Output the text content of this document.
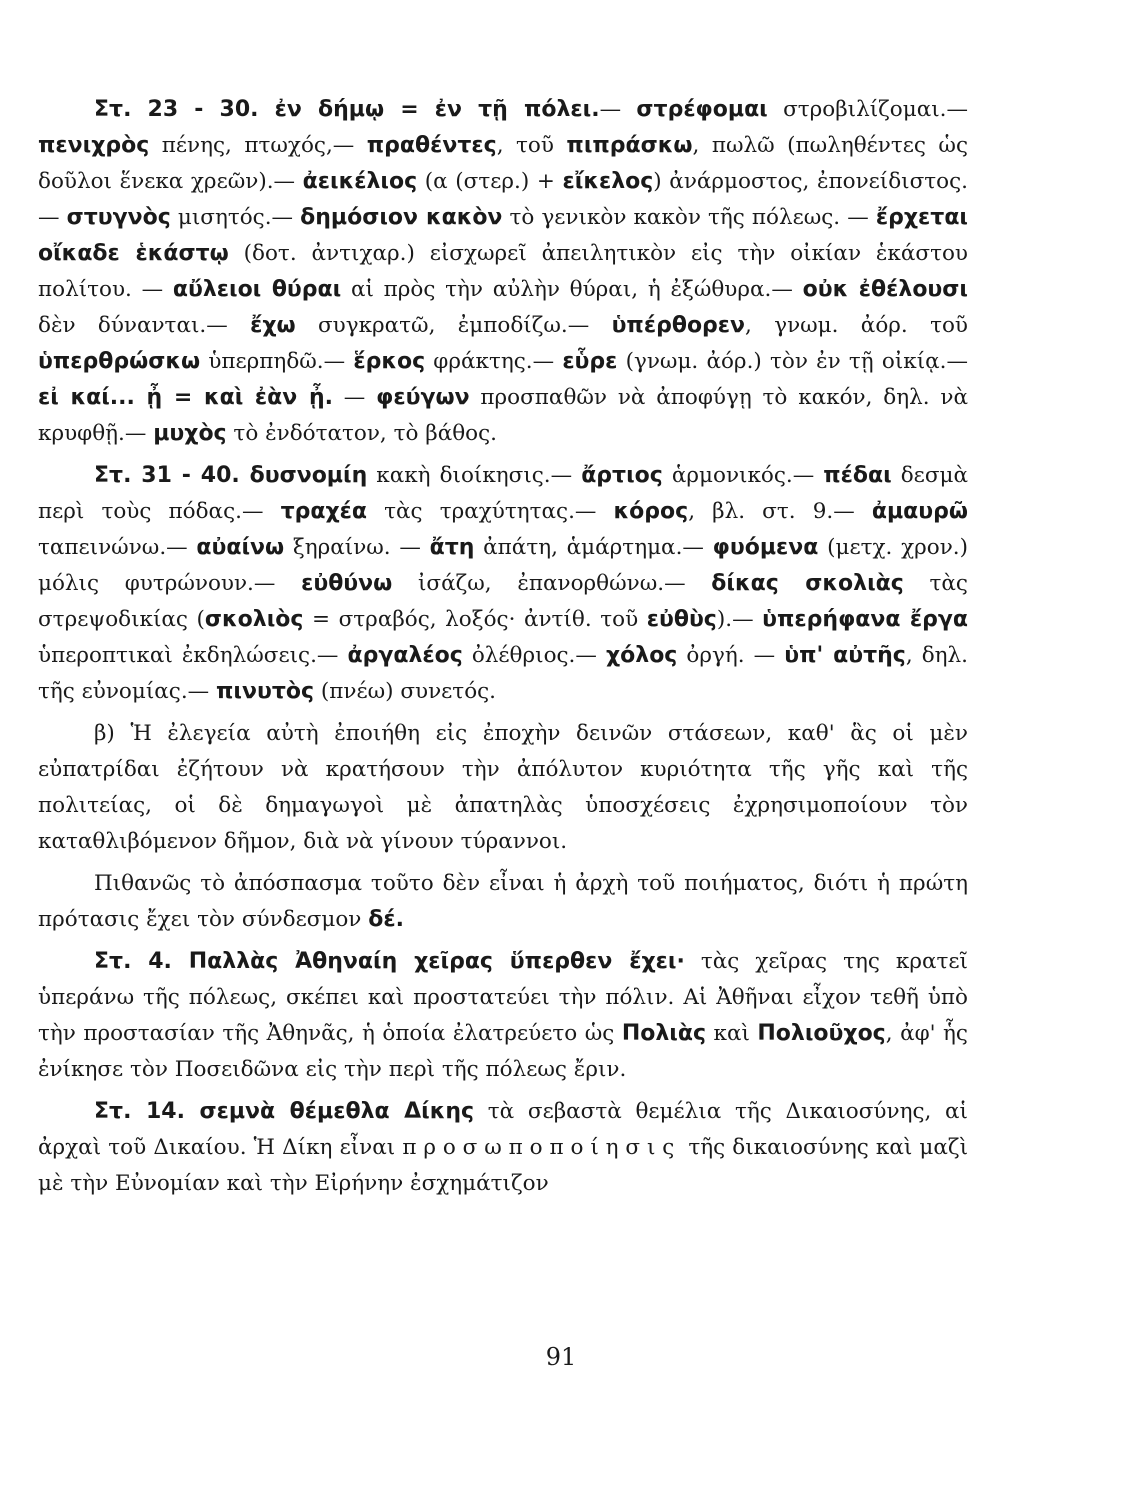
Στ. 23 - 30. ἐν δήμῳ = ἐν τῇ πόλει.— στρέφομαι στροβιλίζομαι.— πενιχρὸς πένης, πτωχός,— πραθέντες, τοῦ πιπράσκω, πωλῶ (πωληθέντες ὡς δοῦλοι ἕνεκα χρεῶν).— ἀεικέλιος (α (στερ.) + εἴκελος) ἀνάρμοστος, ἐπονείδιστος.— στυγνὸς μισητός.— δημόσιον κακὸν τὸ γενικὸν κακὸν τῆς πόλεως. — ἔρχεται οἴκαδε ἑκάστῳ (δοτ. ἀντιχαρ.) εἰσχωρεῖ ἀπειλητικὸν εἰς τὴν οἰκίαν ἑκάστου πολίτου. — αὔλειοι θύραι αἱ πρὸς τὴν αὐλὴν θύραι, ἡ ἐξώθυρα.— οὐκ ἐθέλουσι δὲν δύνανται.— ἔχω συγκρατῶ, ἐμποδίζω.— ὑπέρθορεν, γνωμ. ἀόρ. τοῦ ὑπερθρώσκω ὑπερπηδῶ.— ἕρκος φράκτης.— εὗρε (γνωμ. ἀόρ.) τὸν ἐν τῇ οἰκίᾳ.— εἰ καί... ᾖ = καὶ ἐὰν ᾖ. — φεύγων προσπαθῶν νὰ ἀποφύγῃ τὸ κακόν, δηλ. νὰ κρυφθῇ.— μυχὸς τὸ ἐνδότατον, τὸ βάθος.

Στ. 31 - 40. δυσνομίη κακὴ διοίκησις.— ἄρτιος ἁρμονικός.— πέδαι δεσμὰ περὶ τοὺς πόδας.— τραχέα τὰς τραχύτητας.— κόρος, βλ. στ. 9.— ἀμαυρῶ ταπεινώνω.— αὐαίνω ξηραίνω. — ἄτη ἀπάτη, ἁμάρτημα.— φυόμενα (μετχ. χρον.) μόλις φυτρώνουν.— εὐθύνω ἰσάζω, ἐπανορθώνω.— δίκας σκολιὰς τὰς στρεψοδικίας (σκολιὸς = στραβός, λοξός· ἀντίθ. τοῦ εὐθὺς).— ὑπερήφανα ἔργα ὑπεροπτικαὶ ἐκδηλώσεις.— ἀργαλέος ὀλέθριος.— χόλος ὀργή. — ὑπ' αὐτῆς, δηλ. τῆς εὐνομίας.— πινυτὸς (πνέω) συνετός.

β) Ἡ ἐλεγεία αὐτὴ ἐποιήθη εἰς ἐποχὴν δεινῶν στάσεων, καθ' ἃς οἱ μὲν εὐπατρίδαι ἐζήτουν νὰ κρατήσουν τὴν ἀπόλυτον κυριότητα τῆς γῆς καὶ τῆς πολιτείας, οἱ δὲ δημαγωγοὶ μὲ ἀπατηλὰς ὑποσχέσεις ἐχρησιμοποίουν τὸν καταθλιβόμενον δῆμον, διὰ νὰ γίνουν τύραννοι.

Πιθανῶς τὸ ἀπόσπασμα τοῦτο δὲν εἶναι ἡ ἀρχὴ τοῦ ποιήματος, διότι ἡ πρώτη πρότασις ἔχει τὸν σύνδεσμον δέ.

Στ. 4. Παλλὰς Ἀθηναίη χεῖρας ὕπερθεν ἔχει· τὰς χεῖρας της κρατεῖ ὑπεράνω τῆς πόλεως, σκέπει καὶ προστατεύει τὴν πόλιν. Αἱ Ἀθῆναι εἶχον τεθῆ ὑπὸ τὴν προστασίαν τῆς Ἀθηνᾶς, ἡ ὁποία ἐλατρεύετο ὡς Πολιὰς καὶ Πολιοῦχος, ἀφ' ἧς ἐνίκησε τὸν Ποσειδῶνα εἰς τὴν περὶ τῆς πόλεως ἔριν.

Στ. 14. σεμνὰ θέμεθλα Δίκης τὰ σεβαστὰ θεμέλια τῆς Δικαιοσύνης, αἱ ἀρχαὶ τοῦ Δικαίου. Ἡ Δίκη εἶναι προσωποποίησις τῆς δικαιοσύνης καὶ μαζὶ μὲ τὴν Εὐνομίαν καὶ τὴν Εἰρήνην ἐσχημάτιζον

91
